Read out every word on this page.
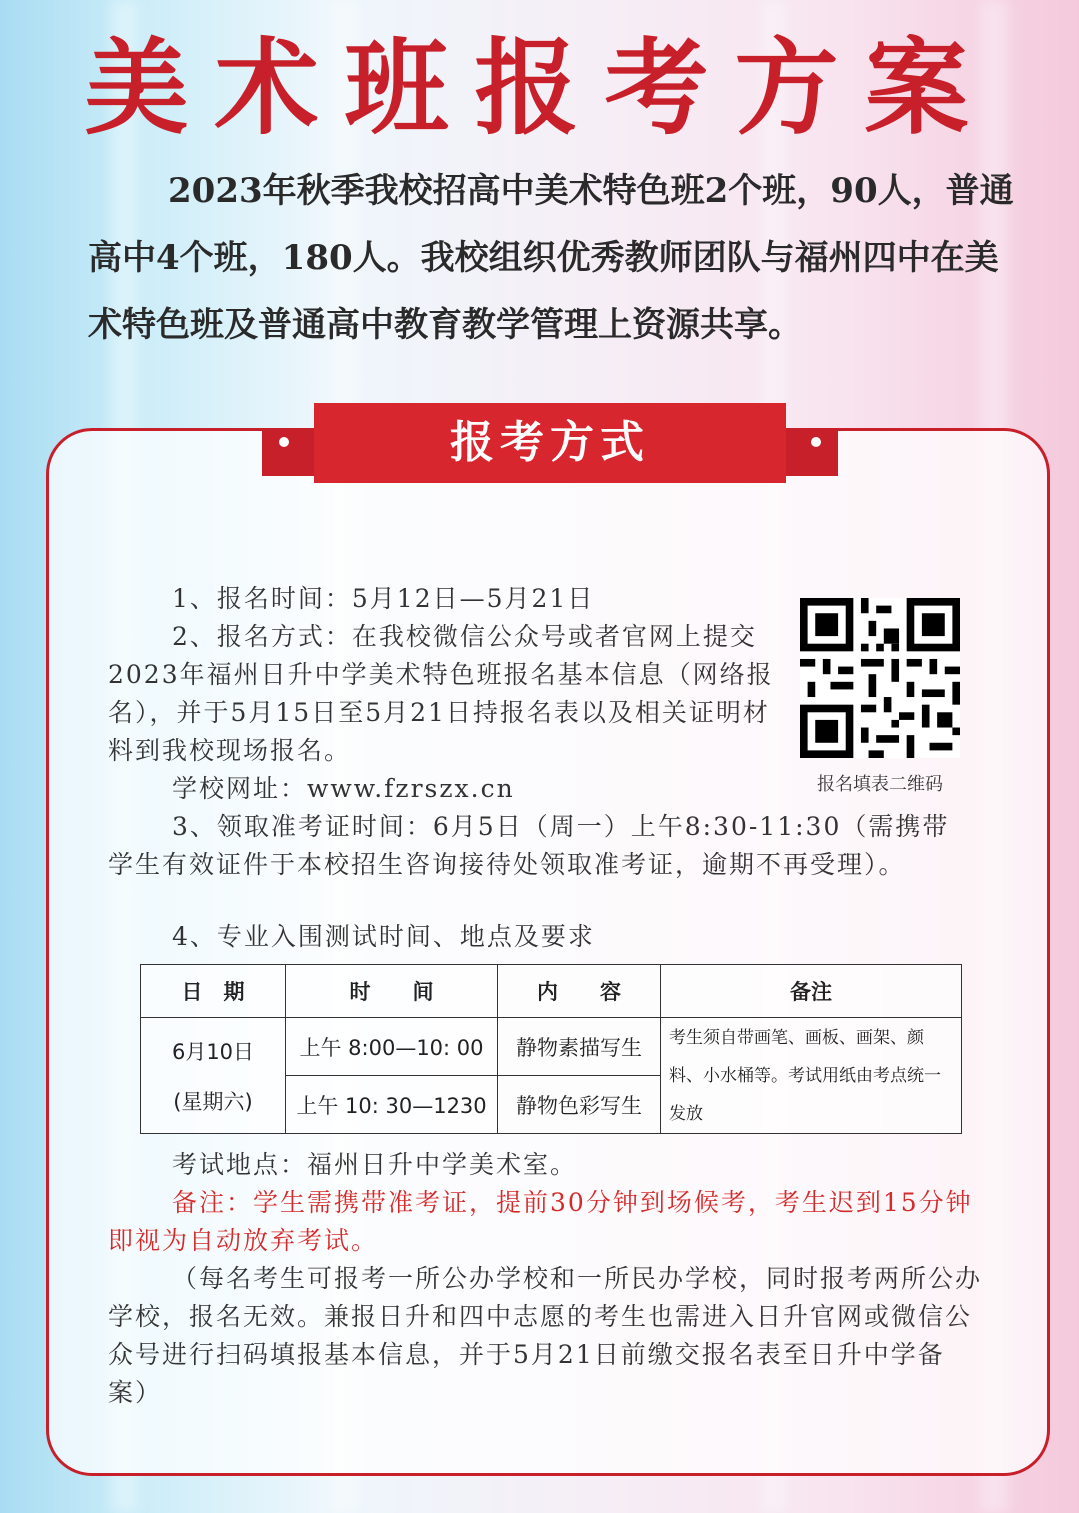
美术班报考方案
2023年秋季我校招高中美术特色班2个班，90人，普通高中4个班，180人。我校组织优秀教师团队与福州四中在美术特色班及普通高中教育教学管理上资源共享。
报考方式
1、报名时间：5月12日—5月21日
2、报名方式：在我校微信公众号或者官网上提交2023年福州日升中学美术特色班报名基本信息（网络报名），并于5月15日至5月21日持报名表以及相关证明材料到我校现场报名。
学校网址：www.fzrszx.cn
3、领取准考证时间：6月5日（周一）上午8:30-11:30（需携带学生有效证件于本校招生咨询接待处领取准考证，逾期不再受理）。
4、专业入围测试时间、地点及要求
报名填表二维码
日　期	时　　间	内　　容	备注

6月10日
(星期六)	上午 8:00—10: 00	静物素描写生	考生须自带画笔、画板、画架、颜料、小水桶等。考试用纸由考点统一发放
	上午 10: 30—1230	静物色彩写生	
考试地点：福州日升中学美术室。
备注：学生需携带准考证，提前30分钟到场候考，考生迟到15分钟即视为自动放弃考试。
（每名考生可报考一所公办学校和一所民办学校，同时报考两所公办学校，报名无效。兼报日升和四中志愿的考生也需进入日升官网或微信公众号进行扫码填报基本信息，并于5月21日前缴交报名表至日升中学备案）
